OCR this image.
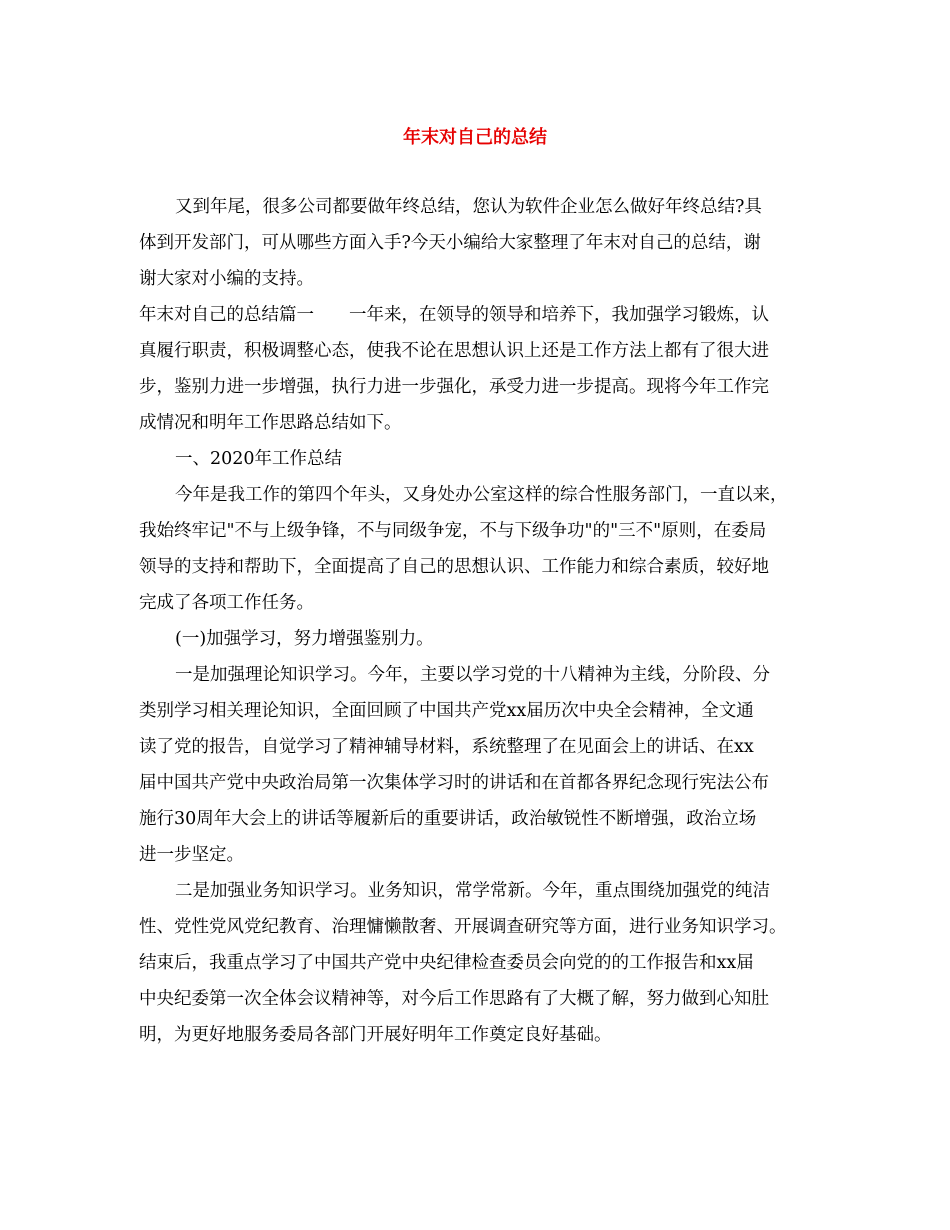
年末对自己的总结

又到年尾，很多公司都要做年终总结，您认为软件企业怎么做好年终总结?具

体到开发部门，可从哪些方面入手?今天小编给大家整理了年末对自己的总结，谢

谢大家对小编的支持。

年末对自己的总结篇一　　一年来，在领导的领导和培养下，我加强学习锻炼，认

真履行职责，积极调整心态，使我不论在思想认识上还是工作方法上都有了很大进

步，鉴别力进一步增强，执行力进一步强化，承受力进一步提高。现将今年工作完

成情况和明年工作思路总结如下。

一、2020年工作总结

今年是我工作的第四个年头，又身处办公室这样的综合性服务部门，一直以来，

我始终牢记"不与上级争锋，不与同级争宠，不与下级争功"的"三不"原则，在委局

领导的支持和帮助下，全面提高了自己的思想认识、工作能力和综合素质，较好地

完成了各项工作任务。

(一)加强学习，努力增强鉴别力。

一是加强理论知识学习。今年，主要以学习党的十八精神为主线，分阶段、分

类别学习相关理论知识，全面回顾了中国共产党xx届历次中央全会精神，全文通

读了党的报告，自觉学习了精神辅导材料，系统整理了在见面会上的讲话、在xx

届中国共产党中央政治局第一次集体学习时的讲话和在首都各界纪念现行宪法公布

施行30周年大会上的讲话等履新后的重要讲话，政治敏锐性不断增强，政治立场

进一步坚定。

二是加强业务知识学习。业务知识，常学常新。今年，重点围绕加强党的纯洁

性、党性党风党纪教育、治理慵懒散奢、开展调查研究等方面，进行业务知识学习。

结束后，我重点学习了中国共产党中央纪律检查委员会向党的的工作报告和xx届

中央纪委第一次全体会议精神等，对今后工作思路有了大概了解，努力做到心知肚

明，为更好地服务委局各部门开展好明年工作奠定良好基础。
